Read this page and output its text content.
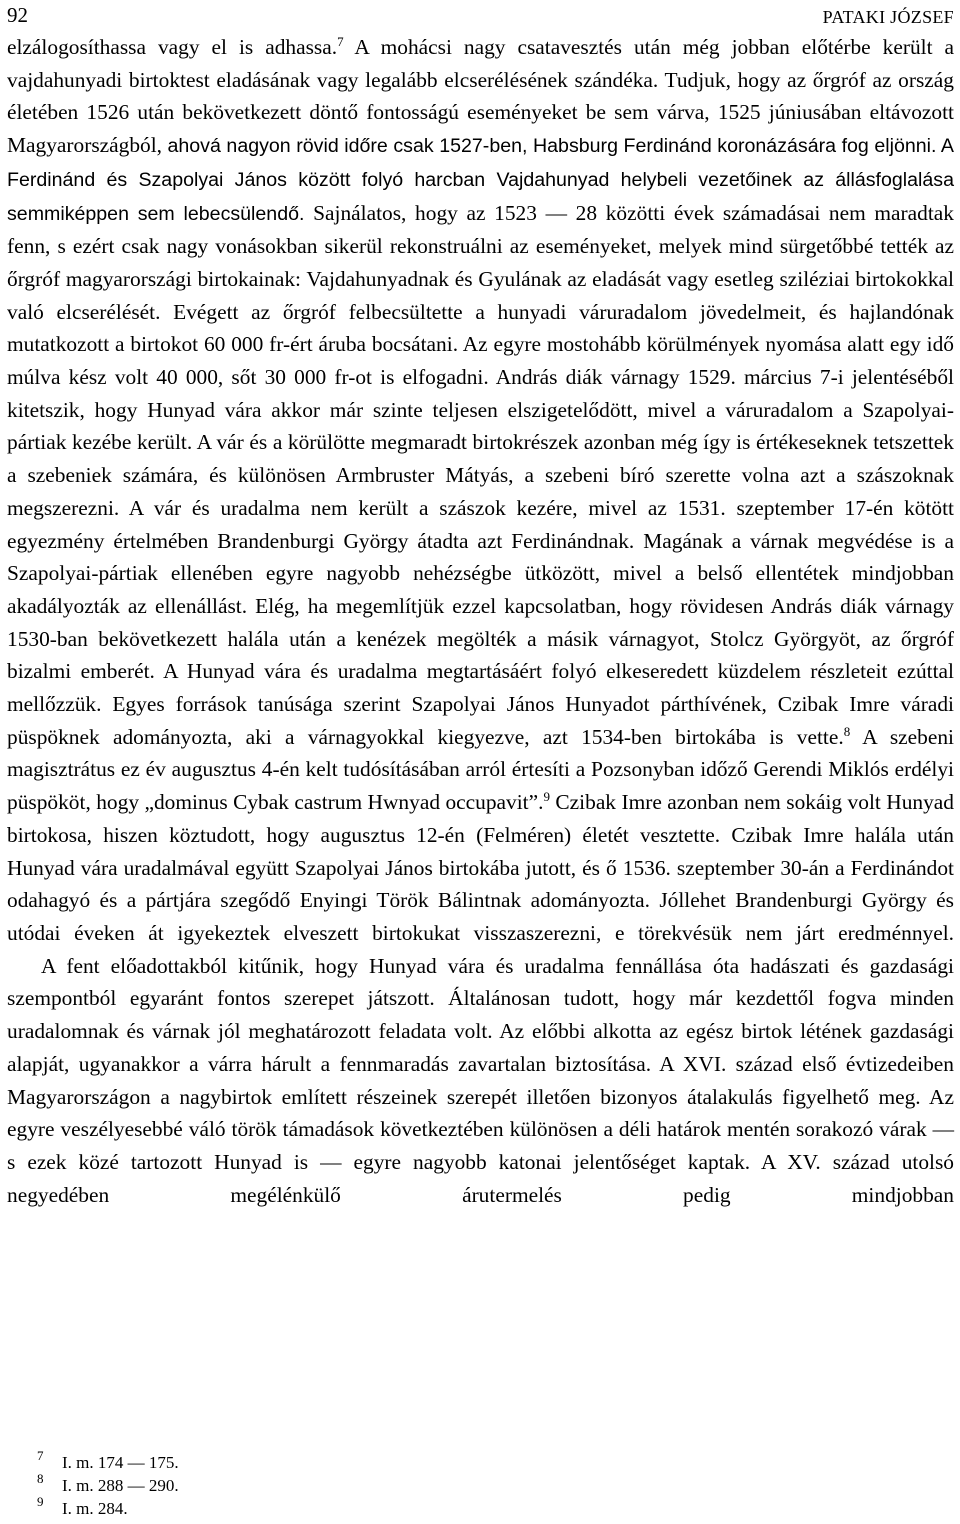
92	PATAKI JÓZSEF

elzálogosíthassa vagy el is adhassa.$^7$ A mohácsi nagy csatavesztés után még jobban előtérbe került a vajdahunyadi birtoktest eladásának vagy legalább elcserélésének szándéka. Tudjuk, hogy az őrgróf az ország életében 1526 után bekövetkezett döntő fontosságú eseményeket be sem várva, 1525 júniusában eltávozott Magyarországból, ahová nagyon rövid időre csak 1527-ben, Habsburg Ferdinánd koronázására fog eljönni. A Ferdinánd és Szapolyai János között folyó harcban Vajdahunyad helybeli vezetőinek az állásfoglalása semmiképpen sem lebecsülendő. Sajnálatos, hogy az 1523 — 28 közötti évek számadásai nem maradtak fenn, s ezért csak nagy vonásokban sikerül rekonstruálni az eseményeket, melyek mind sürgetőbbé tették az őrgróf magyarországi birtokainak: Vajdahunyadnak és Gyulának az eladását vagy esetleg sziléziai birtokokkal való elcserélését. Evégett az őrgróf felbecsültette a hunyadi váruradalom jövedelmeit, és hajlandónak mutatkozott a birtokot 60 000 fr-ért áruba bocsátani. Az egyre mostohább körülmények nyomása alatt egy idő múlva kész volt 40 000, sőt 30 000 fr-ot is elfogadni. András diák várnagy 1529. március 7-i jelentéséből kitetszik, hogy Hunyad vára akkor már szinte teljesen elszigetelődött, mivel a váruradalom a Szapolyai-pártiak kezébe került. A vár és a körülötte megmaradt birtokrészek azonban még így is értékeseknek tetszettek a szebeniek számára, és különösen Armbruster Mátyás, a szebeni bíró szerette volna azt a szászoknak megszerezni. A vár és uradalma nem került a szászok kezére, mivel az 1531. szeptember 17-én kötött egyezmény értelmében Brandenburgi György átadta azt Ferdinándnak. Magának a várnak megvédése is a Szapolyai-pártiak ellenében egyre nagyobb nehézségbe ütközött, mivel a belső ellentétek mindjobban akadályozták az ellenállást. Elég, ha megemlítjük ezzel kapcsolatban, hogy rövidesen András diák várnagy 1530-ban bekövetkezett halála után a kenézek megölték a másik várnagyot, Stolcz Györgyöt, az őrgróf bizalmi emberét. A Hunyad vára és uradalma megtartásáért folyó elkeseredett küzdelem részleteit ezúttal mellőzzük. Egyes források tanúsága szerint Szapolyai János Hunyadot párthívének, Czibak Imre váradi püspöknek adományozta, aki a várnagyokkal kiegyezve, azt 1534-ben birtokába is vette.$^8$ A szebeni magisztrátus ez év augusztus 4-én kelt tudósításában arról értesíti a Pozsonyban időző Gerendi Miklós erdélyi püspököt, hogy „dominus Cybak castrum Hwnyad occupavit”.$^9$ Czibak Imre azonban nem sokáig volt Hunyad birtokosa, hiszen köztudott, hogy augusztus 12-én (Felméren) életét vesztette. Czibak Imre halála után Hunyad vára uradalmával együtt Szapolyai János birtokába jutott, és ő 1536. szeptember 30-án a Ferdinándot odahagyó és a pártjára szegődő Enyingi Török Bálintnak adományozta. Jóllehet Brandenburgi György és utódai éveken át igyekeztek elveszett birtokukat visszaszerezni, e törekvésük nem járt eredménnyel.

A fent előadottakból kitűnik, hogy Hunyad vára és uradalma fennállása óta hadászati és gazdasági szempontból egyaránt fontos szerepet játszott. Általánosan tudott, hogy már kezdettől fogva minden uradalomnak és várnak jól meghatározott feladata volt. Az előbbi alkotta az egész birtok létének gazdasági alapját, ugyanakkor a várra hárult a fennmaradás zavartalan biztosítása. A XVI. század első évtizedeiben Magyarországon a nagybirtok említett részeinek szerepét illetően bizonyos átalakulás figyelhető meg. Az egyre veszélyesebbé váló török támadások következtében különösen a déli határok mentén sorakozó várak — s ezek közé tartozott Hunyad is — egyre nagyobb katonai jelentőséget kaptak. A XV. század utolsó negyedében megélénkülő árutermelés pedig mindjobban

7 I. m. 174 — 175.
8 I. m. 288 — 290.
9 I. m. 284.
